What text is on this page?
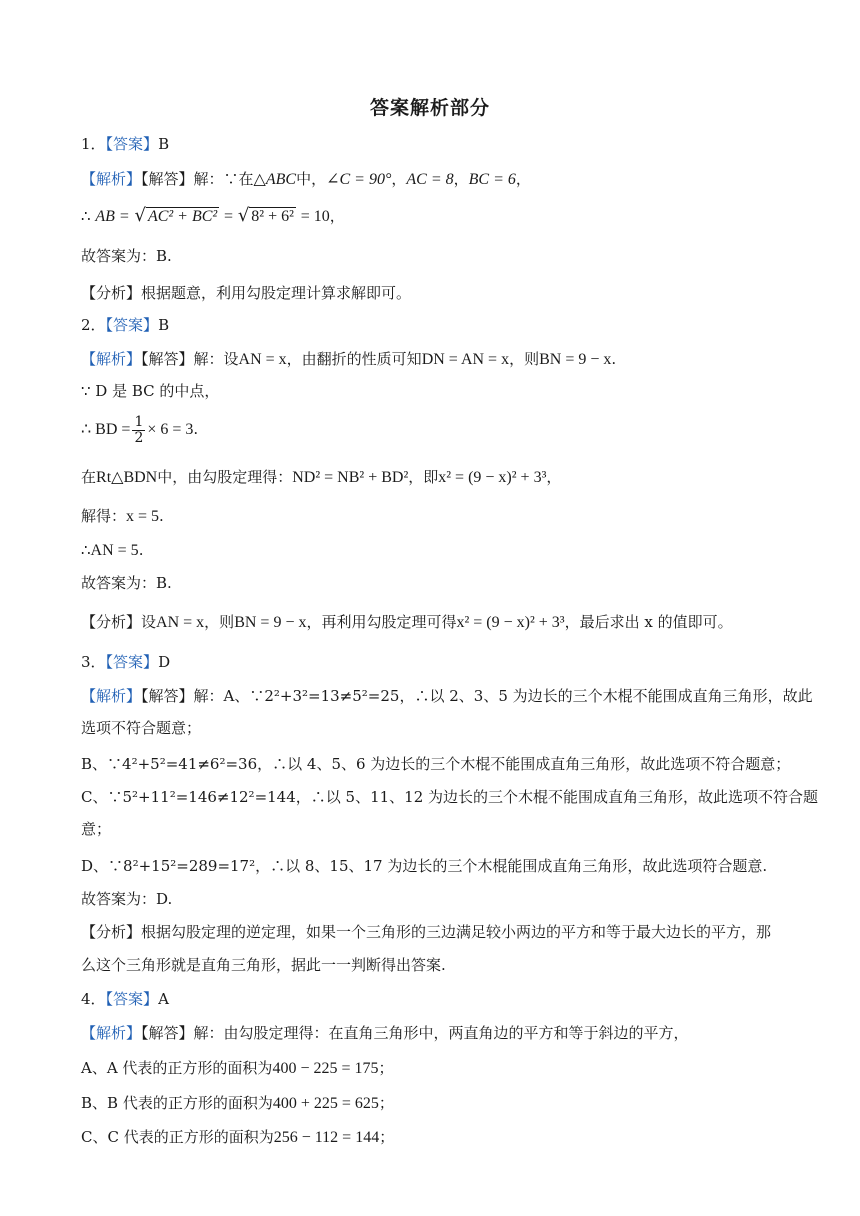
答案解析部分
1．【答案】B
【解析】【解答】解：∵在△ABC中，∠C = 90°，AC = 8，BC = 6，
∴ AB = √ AC² + BC² = √ 8² + 6² = 10，
故答案为：B.
【分析】根据题意，利用勾股定理计算求解即可。
2．【答案】B
【解析】【解答】解：设AN = x，由翻折的性质可知DN = AN = x，则BN = 9 − x.
∵ D 是 BC 的中点，
∴ BD = $\frac{1}{2} \times 6 = 3$.
在Rt△BDN中，由勾股定理得：ND² = NB² + BD²，即x² = (9 − x)² + 3³，
解得：x = 5.
∴AN = 5.
故答案为：B.
【分析】设AN = x，则BN = 9 − x，再利用勾股定理可得x² = (9 − x)² + 3³，最后求出 x 的值即可。
3．【答案】D
【解析】【解答】解：A、∵2²+3²=13≠5²=25，∴以 2、3、5 为边长的三个木棍不能围成直角三角形，故此
选项不符合题意；
B、∵4²+5²=41≠6²=36，∴以 4、5、6 为边长的三个木棍不能围成直角三角形，故此选项不符合题意；
C、∵5²+11²=146≠12²=144，∴以 5、11、12 为边长的三个木棍不能围成直角三角形，故此选项不符合题
意；
D、∵8²+15²=289=17²，∴以 8、15、17 为边长的三个木棍能围成直角三角形，故此选项符合题意.
故答案为：D.
【分析】根据勾股定理的逆定理，如果一个三角形的三边满足较小两边的平方和等于最大边长的平方，那
么这个三角形就是直角三角形，据此一一判断得出答案.
4．【答案】A
【解析】【解答】解：由勾股定理得：在直角三角形中，两直角边的平方和等于斜边的平方，
A、A 代表的正方形的面积为400 − 225 = 175；
B、B 代表的正方形的面积为400 + 225 = 625；
C、C 代表的正方形的面积为256 − 112 = 144；
